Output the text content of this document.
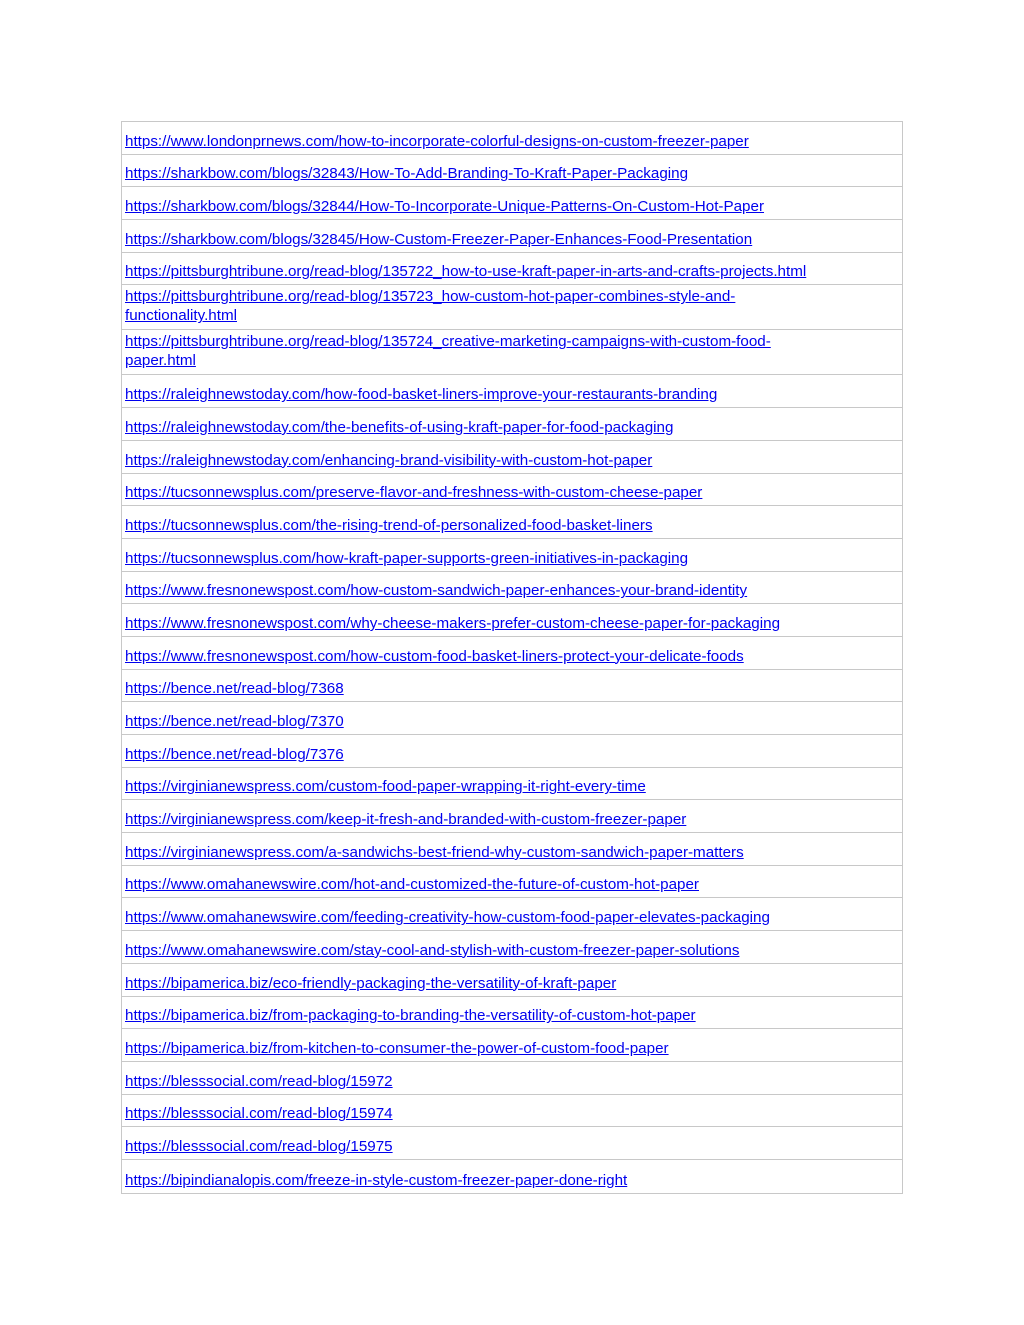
https://www.londonprnews.com/how-to-incorporate-colorful-designs-on-custom-freezer-paper
https://sharkbow.com/blogs/32843/How-To-Add-Branding-To-Kraft-Paper-Packaging
https://sharkbow.com/blogs/32844/How-To-Incorporate-Unique-Patterns-On-Custom-Hot-Paper
https://sharkbow.com/blogs/32845/How-Custom-Freezer-Paper-Enhances-Food-Presentation
https://pittsburghtribune.org/read-blog/135722_how-to-use-kraft-paper-in-arts-and-crafts-projects.html
https://pittsburghtribune.org/read-blog/135723_how-custom-hot-paper-combines-style-and-functionality.html
https://pittsburghtribune.org/read-blog/135724_creative-marketing-campaigns-with-custom-food-paper.html
https://raleighnewstoday.com/how-food-basket-liners-improve-your-restaurants-branding
https://raleighnewstoday.com/the-benefits-of-using-kraft-paper-for-food-packaging
https://raleighnewstoday.com/enhancing-brand-visibility-with-custom-hot-paper
https://tucsonnewsplus.com/preserve-flavor-and-freshness-with-custom-cheese-paper
https://tucsonnewsplus.com/the-rising-trend-of-personalized-food-basket-liners
https://tucsonnewsplus.com/how-kraft-paper-supports-green-initiatives-in-packaging
https://www.fresnonewspost.com/how-custom-sandwich-paper-enhances-your-brand-identity
https://www.fresnonewspost.com/why-cheese-makers-prefer-custom-cheese-paper-for-packaging
https://www.fresnonewspost.com/how-custom-food-basket-liners-protect-your-delicate-foods
https://bence.net/read-blog/7368
https://bence.net/read-blog/7370
https://bence.net/read-blog/7376
https://virginianewspress.com/custom-food-paper-wrapping-it-right-every-time
https://virginianewspress.com/keep-it-fresh-and-branded-with-custom-freezer-paper
https://virginianewspress.com/a-sandwichs-best-friend-why-custom-sandwich-paper-matters
https://www.omahanewswire.com/hot-and-customized-the-future-of-custom-hot-paper
https://www.omahanewswire.com/feeding-creativity-how-custom-food-paper-elevates-packaging
https://www.omahanewswire.com/stay-cool-and-stylish-with-custom-freezer-paper-solutions
https://bipamerica.biz/eco-friendly-packaging-the-versatility-of-kraft-paper
https://bipamerica.biz/from-packaging-to-branding-the-versatility-of-custom-hot-paper
https://bipamerica.biz/from-kitchen-to-consumer-the-power-of-custom-food-paper
https://blesssocial.com/read-blog/15972
https://blesssocial.com/read-blog/15974
https://blesssocial.com/read-blog/15975
https://bipindianalopis.com/freeze-in-style-custom-freezer-paper-done-right
